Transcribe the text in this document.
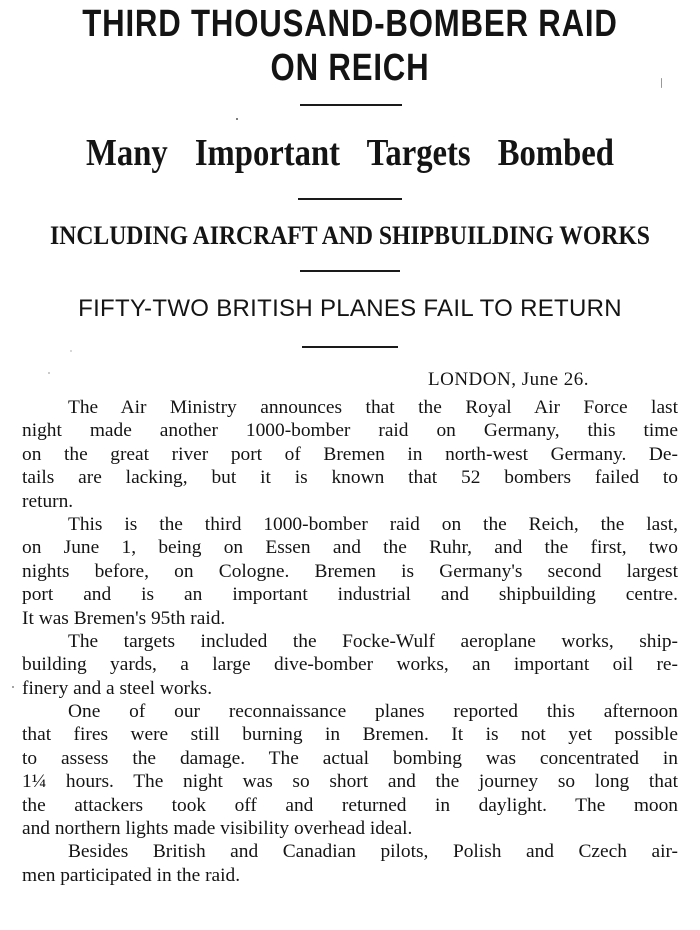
THIRD THOUSAND-BOMBER RAID
ON REICH
Many Important Targets Bombed
INCLUDING AIRCRAFT AND SHIPBUILDING WORKS
FIFTY-TWO BRITISH PLANES FAIL TO RETURN
LONDON, June 26.
The Air Ministry announces that the Royal Air Force last
night made another 1000-bomber raid on Germany, this time
on the great river port of Bremen in north-west Germany. De-
tails are lacking, but it is known that 52 bombers failed to
return.
This is the third 1000-bomber raid on the Reich, the last,
on June 1, being on Essen and the Ruhr, and the first, two
nights before, on Cologne. Bremen is Germany's second largest
port and is an important industrial and shipbuilding centre.
It was Bremen's 95th raid.
The targets included the Focke-Wulf aeroplane works, ship-
building yards, a large dive-bomber works, an important oil re-
finery and a steel works.
One of our reconnaissance planes reported this afternoon
that fires were still burning in Bremen. It is not yet possible
to assess the damage. The actual bombing was concentrated in
1¼ hours. The night was so short and the journey so long that
the attackers took off and returned in daylight. The moon
and northern lights made visibility overhead ideal.
Besides British and Canadian pilots, Polish and Czech air-
men participated in the raid.
